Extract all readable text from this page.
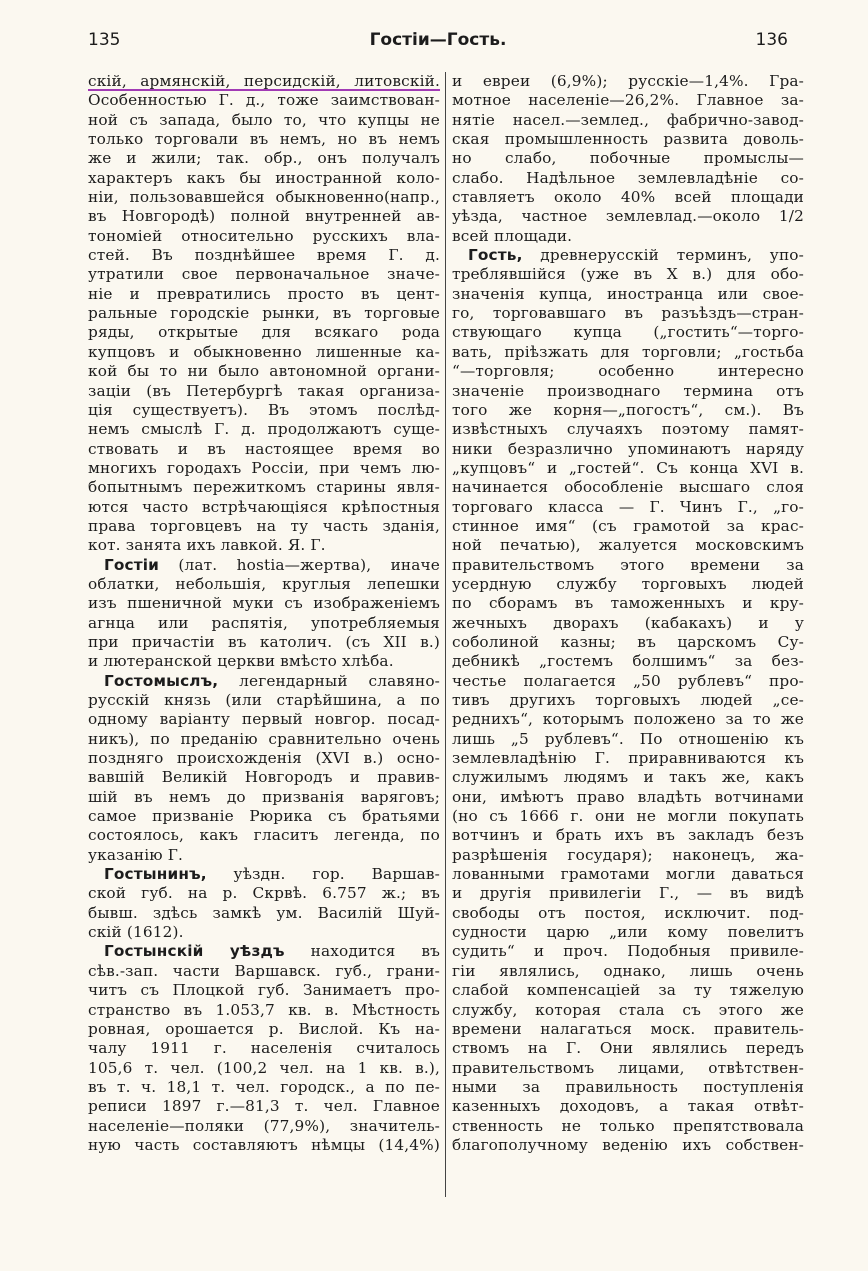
135	Гостіи—Гость.	136
скій, армянскій, персидскій, литовскій.
Особенностью Г. д., тоже заимствован-
ной съ запада, было то, что купцы не
только торговали въ немъ, но въ немъ
же и жили; так. обр., онъ получалъ
характеръ какъ бы иностранной коло-
ніи, пользовавшейся обыкновенно(напр.,
въ Новгородѣ) полной внутренней ав-
тономіей относительно русскихъ вла-
стей. Въ позднѣйшее время Г. д.
утратили свое первоначальное значе-
ніе и превратились просто въ цент-
ральные городскіе рынки, въ торговые
ряды, открытые для всякаго рода
купцовъ и обыкновенно лишенные ка-
кой бы то ни было автономной органи-
заціи (въ Петербургѣ такая организа-
ція существуетъ). Въ этомъ послѣд-
немъ смыслѣ Г. д. продолжаютъ суще-
ствовать и въ настоящее время во
многихъ городахъ Россіи, при чемъ лю-
бопытнымъ пережиткомъ старины явля-
ются часто встрѣчающіяся крѣпостныя
права торговцевъ на ту часть зданія,
кот. занята ихъ лавкой. Я. Г.
Гостіи (лат. hostia—жертва), иначе
облатки, небольшія, круглыя лепешки
изъ пшеничной муки съ изображеніемъ
агнца или распятія, употребляемыя
при причастіи въ католич. (съ XII в.)
и лютеранской церкви вмѣсто хлѣба.
Гостомыслъ, легендарный славяно-
русскій князь (или старѣйшина, а по
одному варіанту первый новгор. посад-
никъ), по преданію сравнительно очень
поздняго происхожденія (XVI в.) осно-
вавшій Великій Новгородъ и правив-
шій въ немъ до призванія варяговъ;
самое призваніе Рюрика съ братьями
состоялось, какъ гласитъ легенда, по
указанію Г.
Гостынинъ, уѣздн. гор. Варшав-
ской губ. на р. Скрвѣ. 6.757 ж.; въ
бывш. здѣсь замкѣ ум. Василій Шуй-
скій (1612).
Гостынскій уѣздъ находится въ
сѣв.-зап. части Варшавск. губ., грани-
читъ съ Плоцкой губ. Занимаетъ про-
странство въ 1.053,7 кв. в. Мѣстность
ровная, орошается р. Вислой. Къ на-
чалу 1911 г. населенія считалось
105,6 т. чел. (100,2 чел. на 1 кв. в.),
въ т. ч. 18,1 т. чел. городск., а по пе-
реписи 1897 г.—81,3 т. чел. Главное
населеніе—поляки (77,9%), значитель-
ную часть составляютъ нѣмцы (14,4%)
и евреи (6,9%); русскіе—1,4%. Гра-
мотное населеніе—26,2%. Главное за-
нятіе насел.—землед., фабрично-завод-
ская промышленность развита доволь-
но слабо, побочные промыслы—
слабо. Надѣльное землевладѣніе со-
ставляетъ около 40% всей площади
уѣзда, частное землевлад.—около 1/2
всей площади.
Гость, древнерусскій терминъ, упо-
треблявшійся (уже въ X в.) для обо-
значенія купца, иностранца или свое-
го, торговавшаго въ разъѣздъ—стран-
ствующаго купца („гостить“—торго-
вать, пріѣзжать для торговли; „гостьба
“—торговля; особенно интересно
значеніе производнаго термина отъ
того же корня—„погостъ“, см.). Въ
извѣстныхъ случаяхъ поэтому памят-
ники безразлично упоминаютъ наряду
„купцовъ“ и „гостей“. Съ конца XVI в.
начинается обособленіе высшаго слоя
торговаго класса — Г. Чинъ Г., „го-
стинное имя“ (съ грамотой за крас-
ной печатью), жалуется московскимъ
правительствомъ этого времени за
усердную службу торговыхъ людей
по сборамъ въ таможенныхъ и кру-
жечныхъ дворахъ (кабакахъ) и у
соболиной казны; въ царскомъ Су-
дебникѣ „гостемъ болшимъ“ за без-
честье полагается „50 рублевъ“ про-
тивъ другихъ торговыхъ людей „се-
реднихъ“, которымъ положено за то же
лишь „5 рублевъ“. По отношенію къ
землевладѣнію Г. приравниваются къ
служилымъ людямъ и такъ же, какъ
они, имѣютъ право владѣть вотчинами
(но съ 1666 г. они не могли покупать
вотчинъ и брать ихъ въ закладъ безъ
разрѣшенія государя); наконецъ, жа-
лованными грамотами могли даваться
и другія привилегіи Г., — въ видѣ
свободы отъ постоя, исключит. под-
судности царю „или кому повелитъ
судить“ и проч. Подобныя привиле-
гіи являлись, однако, лишь очень
слабой компенсаціей за ту тяжелую
службу, которая стала съ этого же
времени налагаться моск. правитель-
ствомъ на Г. Они являлись передъ
правительствомъ лицами, отвѣтствен-
ными за правильность поступленія
казенныхъ доходовъ, а такая отвѣт-
ственность не только препятствовала
благополучному веденію ихъ собствен-
